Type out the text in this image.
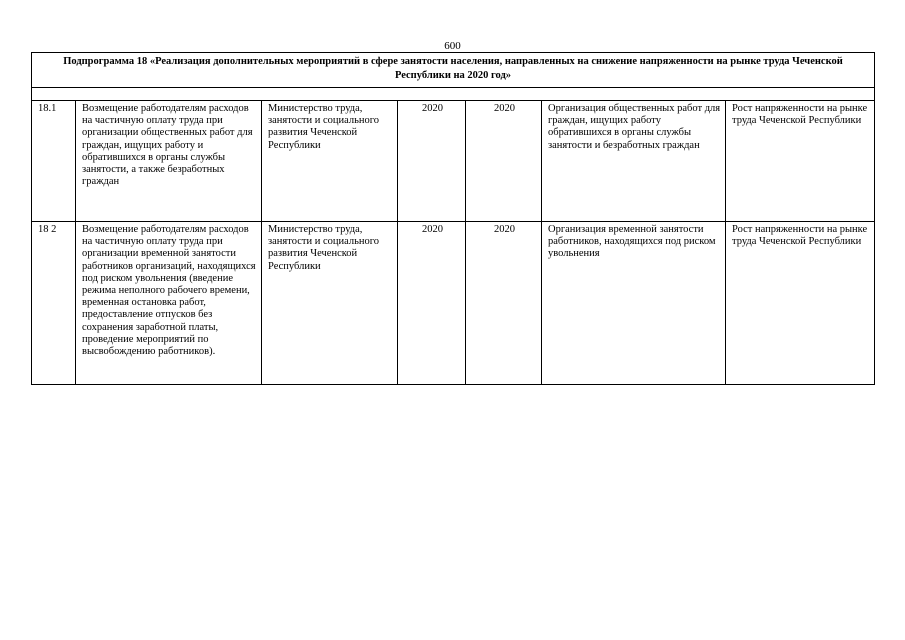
600
Подпрограмма 18 «Реализация дополнительных мероприятий в сфере занятости населения, направленных на снижение напряженности на рынке труда Чеченской Республики на 2020 год»						

18.1	Возмещение работодателям расходов на частичную оплату труда при организации общественных работ для граждан, ищущих работу и обратившихся в органы службы занятости, а также безработных граждан	Министерство труда, занятости и социального развития Чеченской Республики	2020	2020	Организация общественных работ для граждан, ищущих работу обратившихся в органы службы занятости и безработных граждан	Рост напряженности на рынке труда Чеченской Республики
18 2	Возмещение работодателям расходов на частичную оплату труда при организации временной занятости работников организаций, находящихся под риском увольнения (введение режима неполного рабочего времени, временная остановка работ, предоставление отпусков без сохранения заработной платы, проведение мероприятий по высвобождению работников).	Министерство труда, занятости и социального развития Чеченской Республики	2020	2020	Организация временной занятости работников, находящихся под риском увольнения	Рост напряженности на рынке труда Чеченской Республики
